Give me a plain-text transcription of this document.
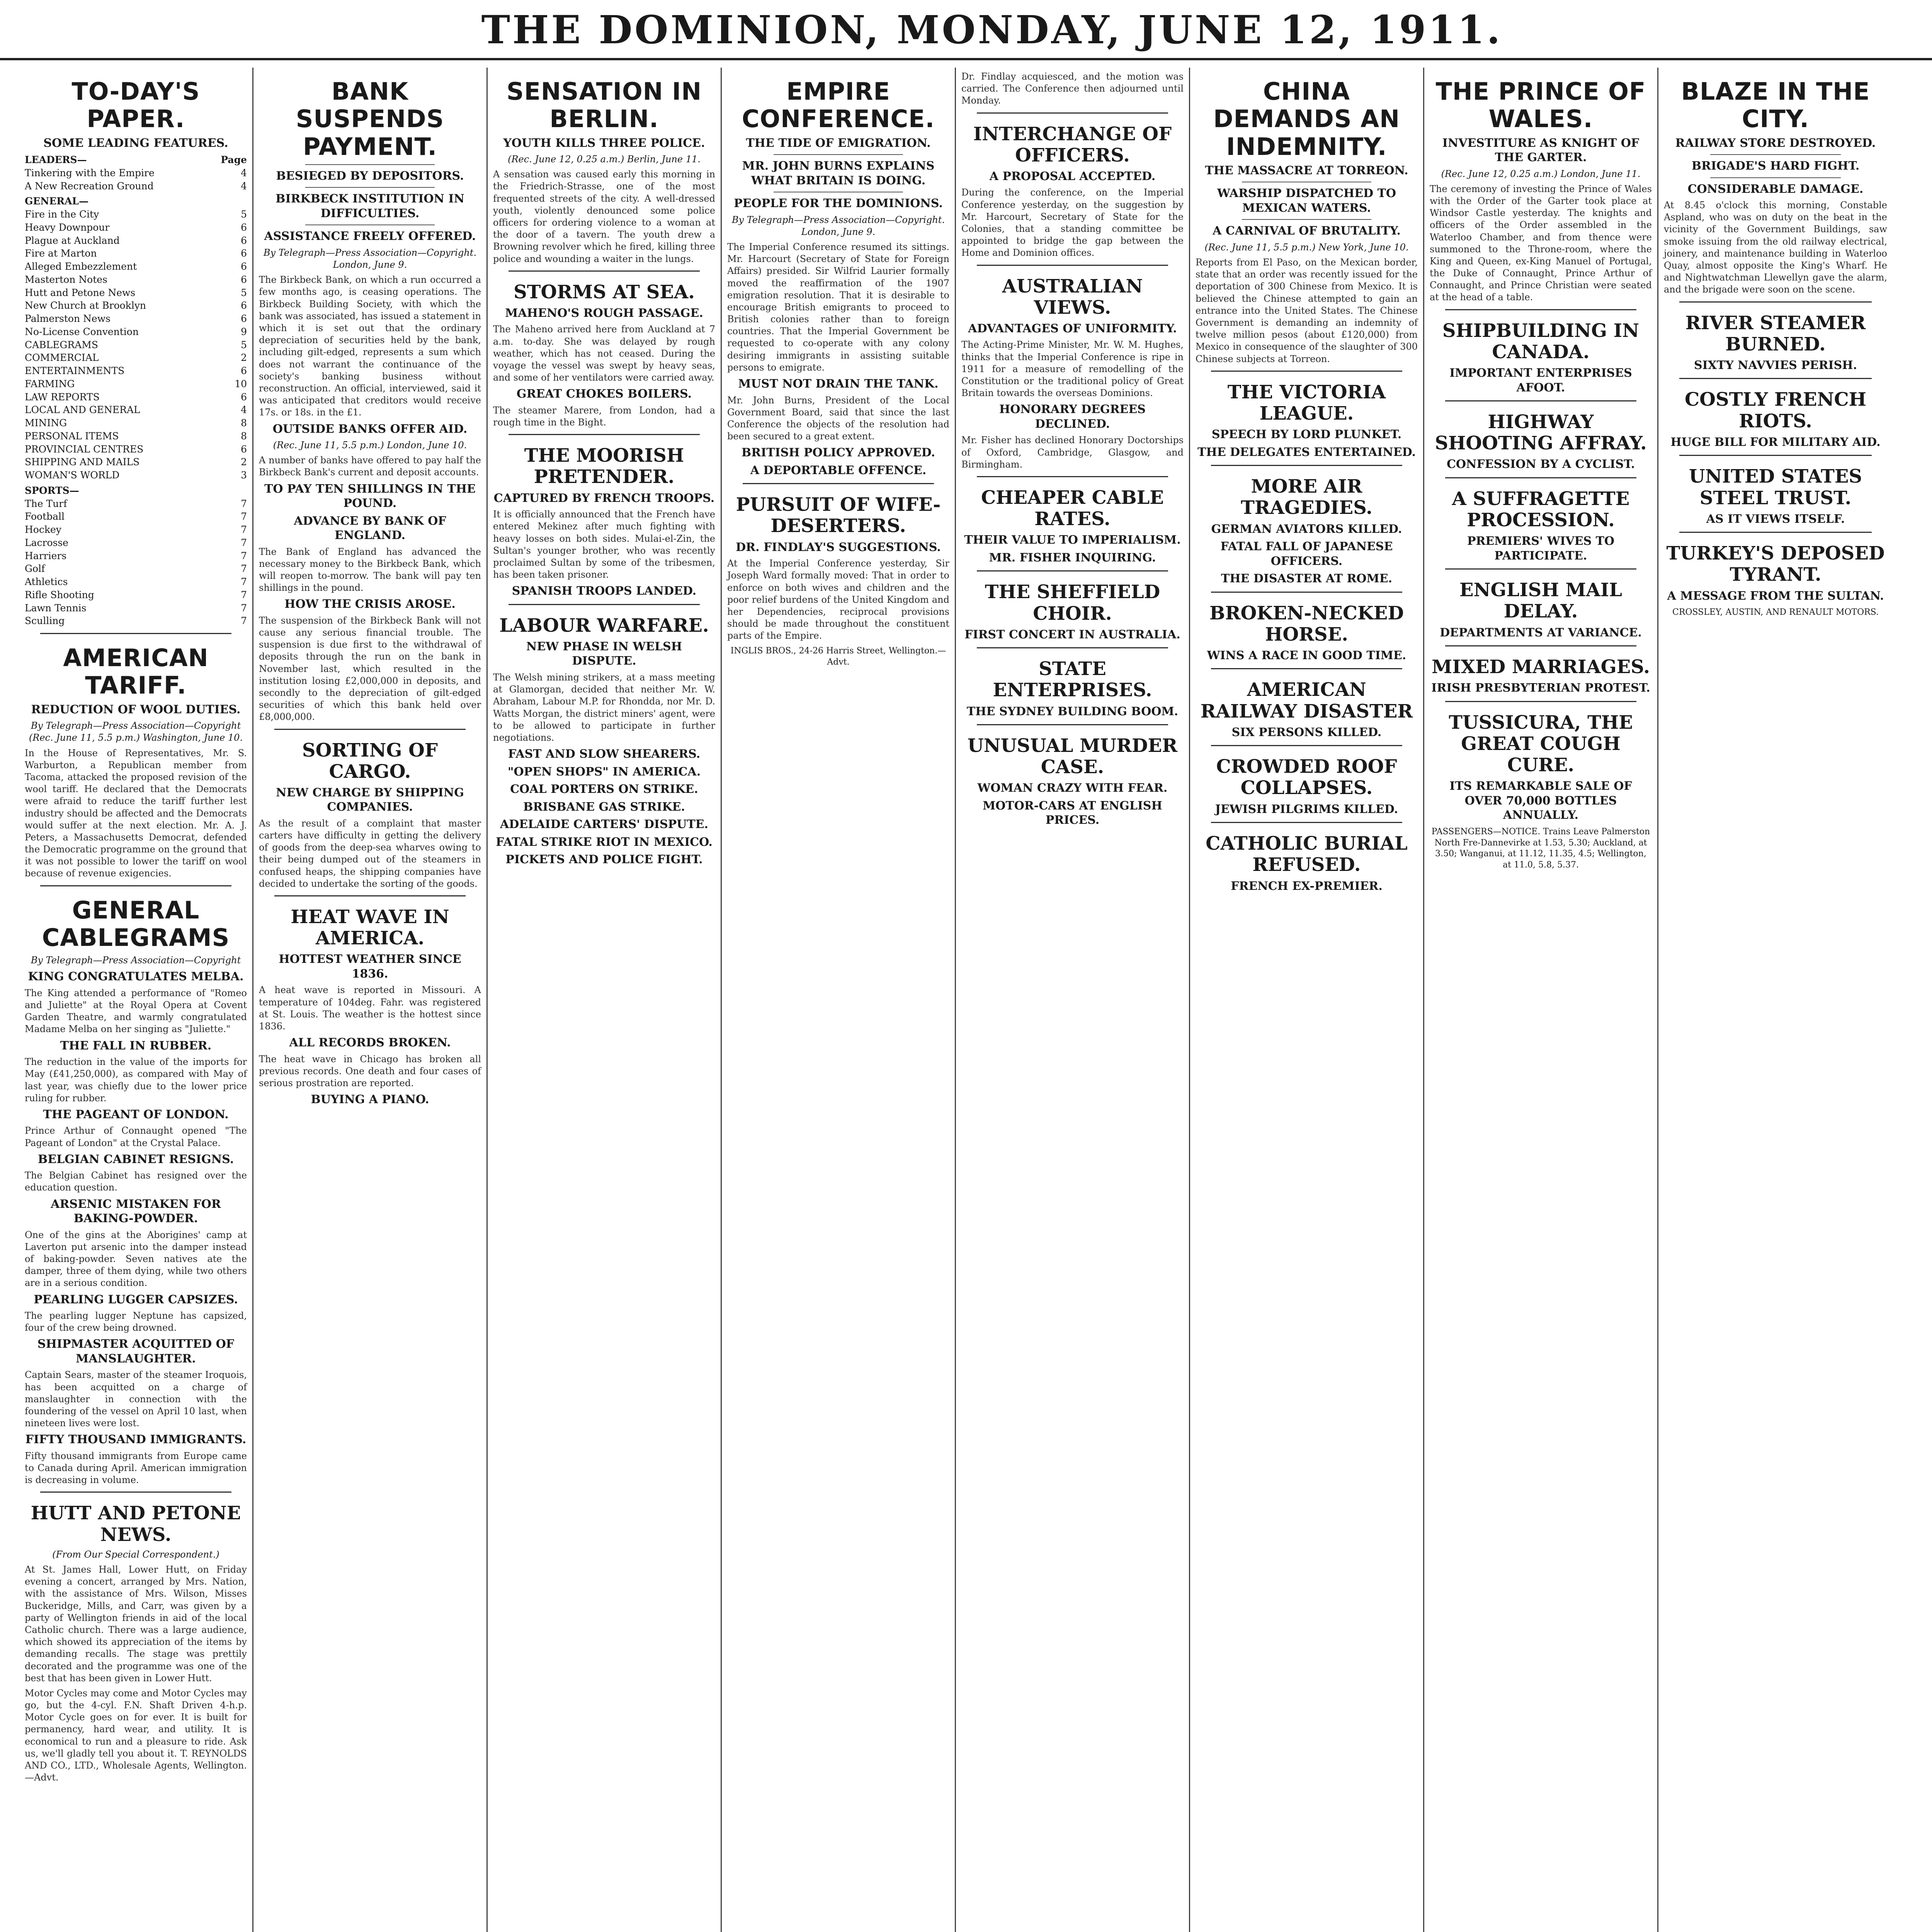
THE DOMINION, MONDAY, JUNE 12, 1911.
TO-DAY'S PAPER.
SOME LEADING FEATURES.
LEADERS—	Page
Tinkering with the Empire	4
A New Recreation Ground	4
GENERAL—
Fire in the City	5
Heavy Downpour	6
Plague at Auckland	6
Fire at Marton	6
Alleged Embezzlement	6
Masterton Notes	6
Hutt and Petone News	5
New Church at Brooklyn	6
Palmerston News	6
No-License Convention	9
CABLEGRAMS	5
COMMERCIAL	2
ENTERTAINMENTS	6
FARMING	10
LAW REPORTS	6
LOCAL AND GENERAL	4
MINING	8
PERSONAL ITEMS	8
PROVINCIAL CENTRES	6
SHIPPING AND MAILS	2
WOMAN'S WORLD	3
SPORTS—
The Turf	7
Football	7
Hockey	7
Lacrosse	7
Harriers	7
Golf	7
Athletics	7
Rifle Shooting	7
Lawn Tennis	7
Sculling	7
AMERICAN TARIFF.
REDUCTION OF WOOL DUTIES.
By Telegraph—Press Association—Copyright (Rec. June 11, 5.5 p.m.) Washington, June 10.
In the House of Representatives, Mr. S. Warburton, a Republican member from Tacoma, attacked the proposed revision of the wool tariff. He declared that the Democrats were afraid to reduce the tariff further lest industry should be affected and the Democrats would suffer at the next election. Mr. A. J. Peters, a Massachusetts Democrat, defended the Democratic programme on the ground that it was not possible to lower the tariff on wool because of revenue exigencies.
GENERAL CABLEGRAMS
By Telegraph—Press Association—Copyright
KING CONGRATULATES MELBA.
The King attended a performance of "Romeo and Juliette" at the Royal Opera at Covent Garden Theatre, and warmly congratulated Madame Melba on her singing as "Juliette."
THE FALL IN RUBBER.
The reduction in the value of the imports for May (£41,250,000), as compared with May of last year, was chiefly due to the lower price ruling for rubber.
THE PAGEANT OF LONDON.
Prince Arthur of Connaught opened "The Pageant of London" at the Crystal Palace.
BELGIAN CABINET RESIGNS.
The Belgian Cabinet has resigned over the education question.
ARSENIC MISTAKEN FOR BAKING-POWDER.
One of the gins at the Aborigines' camp at Laverton put arsenic into the damper instead of baking-powder. Seven natives ate the damper, three of them dying, while two others are in a serious condition.
PEARLING LUGGER CAPSIZES.
The pearling lugger Neptune has capsized, four of the crew being drowned.
SHIPMASTER ACQUITTED OF MANSLAUGHTER.
Captain Sears, master of the steamer Iroquois, has been acquitted on a charge of manslaughter in connection with the foundering of the vessel on April 10 last, when nineteen lives were lost.
FIFTY THOUSAND IMMIGRANTS.
Fifty thousand immigrants from Europe came to Canada during April. American immigration is decreasing in volume.
HUTT AND PETONE NEWS.
(From Our Special Correspondent.)
At St. James Hall, Lower Hutt, on Friday evening a concert, arranged by Mrs. Nation, with the assistance of Mrs. Wilson, Misses Buckeridge, Mills, and Carr, was given by a party of Wellington friends in aid of the local Catholic church. There was a large audience, which showed its appreciation of the items by demanding recalls. The stage was prettily decorated and the programme was one of the best that has been given in Lower Hutt.
Motor Cycles may come and Motor Cycles may go, but the 4-cyl. F.N. Shaft Driven 4-h.p. Motor Cycle goes on for ever. It is built for permanency, hard wear, and utility. It is economical to run and a pleasure to ride. Ask us, we'll gladly tell you about it. T. REYNOLDS AND CO., LTD., Wholesale Agents, Wellington.—Advt.
BANK SUSPENDS PAYMENT.
BESIEGED BY DEPOSITORS.
BIRKBECK INSTITUTION IN DIFFICULTIES.
ASSISTANCE FREELY OFFERED.
By Telegraph—Press Association—Copyright. London, June 9.
The Birkbeck Bank, on which a run occurred a few months ago, is ceasing operations. The Birkbeck Building Society, with which the bank was associated, has issued a statement in which it is set out that the ordinary depreciation of securities held by the bank, including gilt-edged, represents a sum which does not warrant the continuance of the society's banking business without reconstruction. An official, interviewed, said it was anticipated that creditors would receive 17s. or 18s. in the £1.
OUTSIDE BANKS OFFER AID.
(Rec. June 11, 5.5 p.m.) London, June 10.
A number of banks have offered to pay half the Birkbeck Bank's current and deposit accounts.
TO PAY TEN SHILLINGS IN THE POUND.
ADVANCE BY BANK OF ENGLAND.
The Bank of England has advanced the necessary money to the Birkbeck Bank, which will reopen to-morrow. The bank will pay ten shillings in the pound.
HOW THE CRISIS AROSE.
The suspension of the Birkbeck Bank will not cause any serious financial trouble. The suspension is due first to the withdrawal of deposits through the run on the bank in November last, which resulted in the institution losing £2,000,000 in deposits, and secondly to the depreciation of gilt-edged securities of which this bank held over £8,000,000.
SORTING OF CARGO.
NEW CHARGE BY SHIPPING COMPANIES.
As the result of a complaint that master carters have difficulty in getting the delivery of goods from the deep-sea wharves owing to their being dumped out of the steamers in confused heaps, the shipping companies have decided to undertake the sorting of the goods.
HEAT WAVE IN AMERICA.
HOTTEST WEATHER SINCE 1836.
A heat wave is reported in Missouri. A temperature of 104deg. Fahr. was registered at St. Louis. The weather is the hottest since 1836.
ALL RECORDS BROKEN.
The heat wave in Chicago has broken all previous records. One death and four cases of serious prostration are reported.
BUYING A PIANO.
SENSATION IN BERLIN.
YOUTH KILLS THREE POLICE.
(Rec. June 12, 0.25 a.m.) Berlin, June 11.
A sensation was caused early this morning in the Friedrich-Strasse, one of the most frequented streets of the city. A well-dressed youth, violently denounced some police officers for ordering violence to a woman at the door of a tavern. The youth drew a Browning revolver which he fired, killing three police and wounding a waiter in the lungs.
STORMS AT SEA.
MAHENO'S ROUGH PASSAGE.
The Maheno arrived here from Auckland at 7 a.m. to-day. She was delayed by rough weather, which has not ceased. During the voyage the vessel was swept by heavy seas, and some of her ventilators were carried away.
GREAT CHOKES BOILERS.
The steamer Marere, from London, had a rough time in the Bight.
THE MOORISH PRETENDER.
CAPTURED BY FRENCH TROOPS.
It is officially announced that the French have entered Mekinez after much fighting with heavy losses on both sides. Mulai-el-Zin, the Sultan's younger brother, who was recently proclaimed Sultan by some of the tribesmen, has been taken prisoner.
SPANISH TROOPS LANDED.
LABOUR WARFARE.
NEW PHASE IN WELSH DISPUTE.
The Welsh mining strikers, at a mass meeting at Glamorgan, decided that neither Mr. W. Abraham, Labour M.P. for Rhondda, nor Mr. D. Watts Morgan, the district miners' agent, were to be allowed to participate in further negotiations.
FAST AND SLOW SHEARERS.
"OPEN SHOPS" IN AMERICA.
COAL PORTERS ON STRIKE.
BRISBANE GAS STRIKE.
ADELAIDE CARTERS' DISPUTE.
FATAL STRIKE RIOT IN MEXICO.
PICKETS AND POLICE FIGHT.
EMPIRE CONFERENCE.
THE TIDE OF EMIGRATION.
MR. JOHN BURNS EXPLAINS WHAT BRITAIN IS DOING.
PEOPLE FOR THE DOMINIONS.
By Telegraph—Press Association—Copyright. London, June 9.
The Imperial Conference resumed its sittings. Mr. Harcourt (Secretary of State for Foreign Affairs) presided. Sir Wilfrid Laurier formally moved the reaffirmation of the 1907 emigration resolution. That it is desirable to encourage British emigrants to proceed to British colonies rather than to foreign countries. That the Imperial Government be requested to co-operate with any colony desiring immigrants in assisting suitable persons to emigrate.
MUST NOT DRAIN THE TANK.
Mr. John Burns, President of the Local Government Board, said that since the last Conference the objects of the resolution had been secured to a great extent.
BRITISH POLICY APPROVED.
A DEPORTABLE OFFENCE.
PURSUIT OF WIFE-DESERTERS.
DR. FINDLAY'S SUGGESTIONS.
At the Imperial Conference yesterday, Sir Joseph Ward formally moved: That in order to enforce on both wives and children and the poor relief burdens of the United Kingdom and her Dependencies, reciprocal provisions should be made throughout the constituent parts of the Empire.
INGLIS BROS., 24-26 Harris Street, Wellington.—Advt.
Dr. Findlay acquiesced, and the motion was carried. The Conference then adjourned until Monday.
INTERCHANGE OF OFFICERS.
A PROPOSAL ACCEPTED.
During the conference, on the Imperial Conference yesterday, on the suggestion by Mr. Harcourt, Secretary of State for the Colonies, that a standing committee be appointed to bridge the gap between the Home and Dominion offices.
AUSTRALIAN VIEWS.
ADVANTAGES OF UNIFORMITY.
The Acting-Prime Minister, Mr. W. M. Hughes, thinks that the Imperial Conference is ripe in 1911 for a measure of remodelling of the Constitution or the traditional policy of Great Britain towards the overseas Dominions.
HONORARY DEGREES DECLINED.
Mr. Fisher has declined Honorary Doctorships of Oxford, Cambridge, Glasgow, and Birmingham.
CHEAPER CABLE RATES.
THEIR VALUE TO IMPERIALISM.
MR. FISHER INQUIRING.
THE SHEFFIELD CHOIR.
FIRST CONCERT IN AUSTRALIA.
STATE ENTERPRISES.
THE SYDNEY BUILDING BOOM.
UNUSUAL MURDER CASE.
WOMAN CRAZY WITH FEAR.
MOTOR-CARS AT ENGLISH PRICES.
CHINA DEMANDS AN INDEMNITY.
THE MASSACRE AT TORREON.
WARSHIP DISPATCHED TO MEXICAN WATERS.
A CARNIVAL OF BRUTALITY.
(Rec. June 11, 5.5 p.m.) New York, June 10.
Reports from El Paso, on the Mexican border, state that an order was recently issued for the deportation of 300 Chinese from Mexico. It is believed the Chinese attempted to gain an entrance into the United States. The Chinese Government is demanding an indemnity of twelve million pesos (about £120,000) from Mexico in consequence of the slaughter of 300 Chinese subjects at Torreon.
THE VICTORIA LEAGUE.
SPEECH BY LORD PLUNKET.
THE DELEGATES ENTERTAINED.
MORE AIR TRAGEDIES.
GERMAN AVIATORS KILLED.
FATAL FALL OF JAPANESE OFFICERS.
THE DISASTER AT ROME.
BROKEN-NECKED HORSE.
WINS A RACE IN GOOD TIME.
AMERICAN RAILWAY DISASTER
SIX PERSONS KILLED.
CROWDED ROOF COLLAPSES.
JEWISH PILGRIMS KILLED.
CATHOLIC BURIAL REFUSED.
FRENCH EX-PREMIER.
THE PRINCE OF WALES.
INVESTITURE AS KNIGHT OF THE GARTER.
(Rec. June 12, 0.25 a.m.) London, June 11.
The ceremony of investing the Prince of Wales with the Order of the Garter took place at Windsor Castle yesterday. The knights and officers of the Order assembled in the Waterloo Chamber, and from thence were summoned to the Throne-room, where the King and Queen, ex-King Manuel of Portugal, the Duke of Connaught, Prince Arthur of Connaught, and Prince Christian were seated at the head of a table.
SHIPBUILDING IN CANADA.
IMPORTANT ENTERPRISES AFOOT.
HIGHWAY SHOOTING AFFRAY.
CONFESSION BY A CYCLIST.
A SUFFRAGETTE PROCESSION.
PREMIERS' WIVES TO PARTICIPATE.
ENGLISH MAIL DELAY.
DEPARTMENTS AT VARIANCE.
MIXED MARRIAGES.
IRISH PRESBYTERIAN PROTEST.
TUSSICURA, THE GREAT COUGH CURE.
ITS REMARKABLE SALE OF OVER 70,000 BOTTLES ANNUALLY.
PASSENGERS—NOTICE. Trains Leave Palmerston North Fre-Dannevirke at 1.53, 5.30; Auckland, at 3.50; Wanganui, at 11.12, 11.35, 4.5; Wellington, at 11.0, 5.8, 5.37.
BLAZE IN THE CITY.
RAILWAY STORE DESTROYED.
BRIGADE'S HARD FIGHT.
CONSIDERABLE DAMAGE.
At 8.45 o'clock this morning, Constable Aspland, who was on duty on the beat in the vicinity of the Government Buildings, saw smoke issuing from the old railway electrical, joinery, and maintenance building in Waterloo Quay, almost opposite the King's Wharf. He and Nightwatchman Llewellyn gave the alarm, and the brigade were soon on the scene.
RIVER STEAMER BURNED.
SIXTY NAVVIES PERISH.
COSTLY FRENCH RIOTS.
HUGE BILL FOR MILITARY AID.
UNITED STATES STEEL TRUST.
AS IT VIEWS ITSELF.
TURKEY'S DEPOSED TYRANT.
A MESSAGE FROM THE SULTAN.
CROSSLEY, AUSTIN, AND RENAULT MOTORS.
